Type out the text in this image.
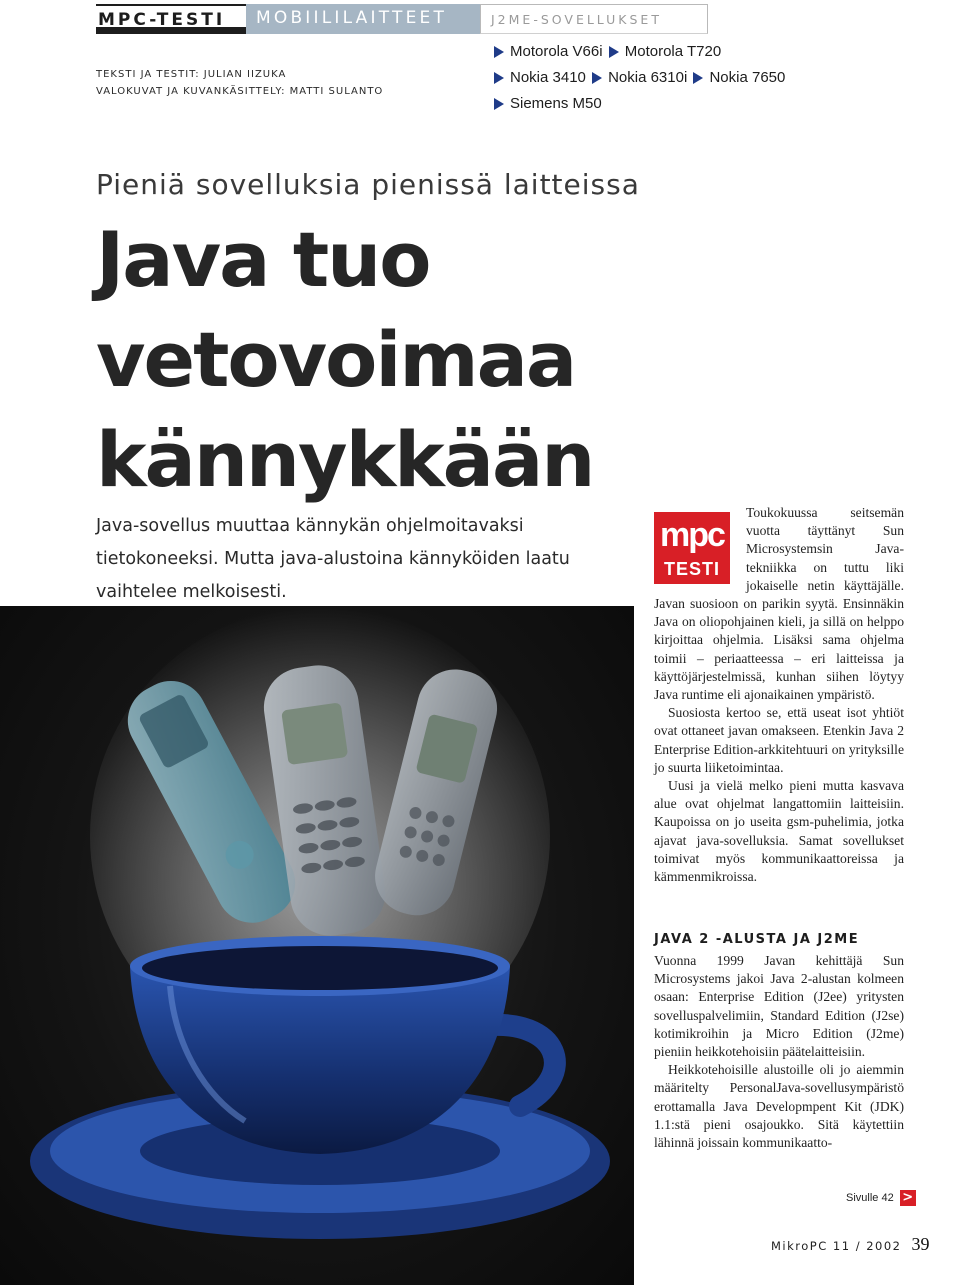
MPC-TESTI MOBIILILAITTEET	J2ME-SOVELLUKSET
TEKSTI JA TESTIT: JULIAN IIZUKA
VALOKUVAT JA KUVANKÄSITTELY: MATTI SULANTO
Motorola V66i
Motorola T720

Nokia 3410
Nokia 6310i
Nokia 7650

Siemens M50
Pieniä sovelluksia pienissä laitteissa
Java tuo
vetovoimaa
kännykkään
Java-sovellus muuttaa kännykän ohjelmoitavaksi tietokoneeksi. Mutta java-alustoina kännyköiden laatu vaihtelee melkoisesti.
mpc
TESTI

Toukokuussa seitsemän vuotta täyttänyt Sun Microsystemsin Java-tekniikka on tuttu liki jokaiselle netin käyttäjälle. Javan suosioon on parikin syytä. Ensinnäkin Java on oliopohjainen kieli, ja sillä on helppo kirjoittaa ohjelmia. Lisäksi sama ohjelma toimii – periaatteessa – eri laitteissa ja käyttöjärjestelmissä, kunhan siihen löytyy Java runtime eli ajonaikainen ympäristö.

Suosiosta kertoo se, että useat isot yhtiöt ovat ottaneet javan omakseen. Etenkin Java 2 Enterprise Edition-arkkitehtuuri on yrityksille jo suurta liiketoimintaa.

Uusi ja vielä melko pieni mutta kasvava alue ovat ohjelmat langattomiin laitteisiin. Kaupoissa on jo useita gsm-puhelimia, jotka ajavat java-sovelluksia. Samat sovellukset toimivat myös kommunikaattoreissa ja kämmenmikroissa.

JAVA 2 -ALUSTA JA J2ME

Vuonna 1999 Javan kehittäjä Sun Microsystems jakoi Java 2-alustan kolmeen osaan: Enterprise Edition (J2ee) yritysten sovelluspalvelimiin, Standard Edition (J2se) kotimikroihin ja Micro Edition (J2me) pieniin heikkotehoisiin päätelaitteisiin.

Heikkotehoisille alustoille oli jo aiemmin määritelty PersonalJava-sovellusympäristö erottamalla Java Developmpent Kit (JDK) 1.1:stä pieni osajoukko. Sitä käytettiin lähinnä joissain kommunikaatto-

Sivulle 42 >
MikroPC 11 / 2002 39
